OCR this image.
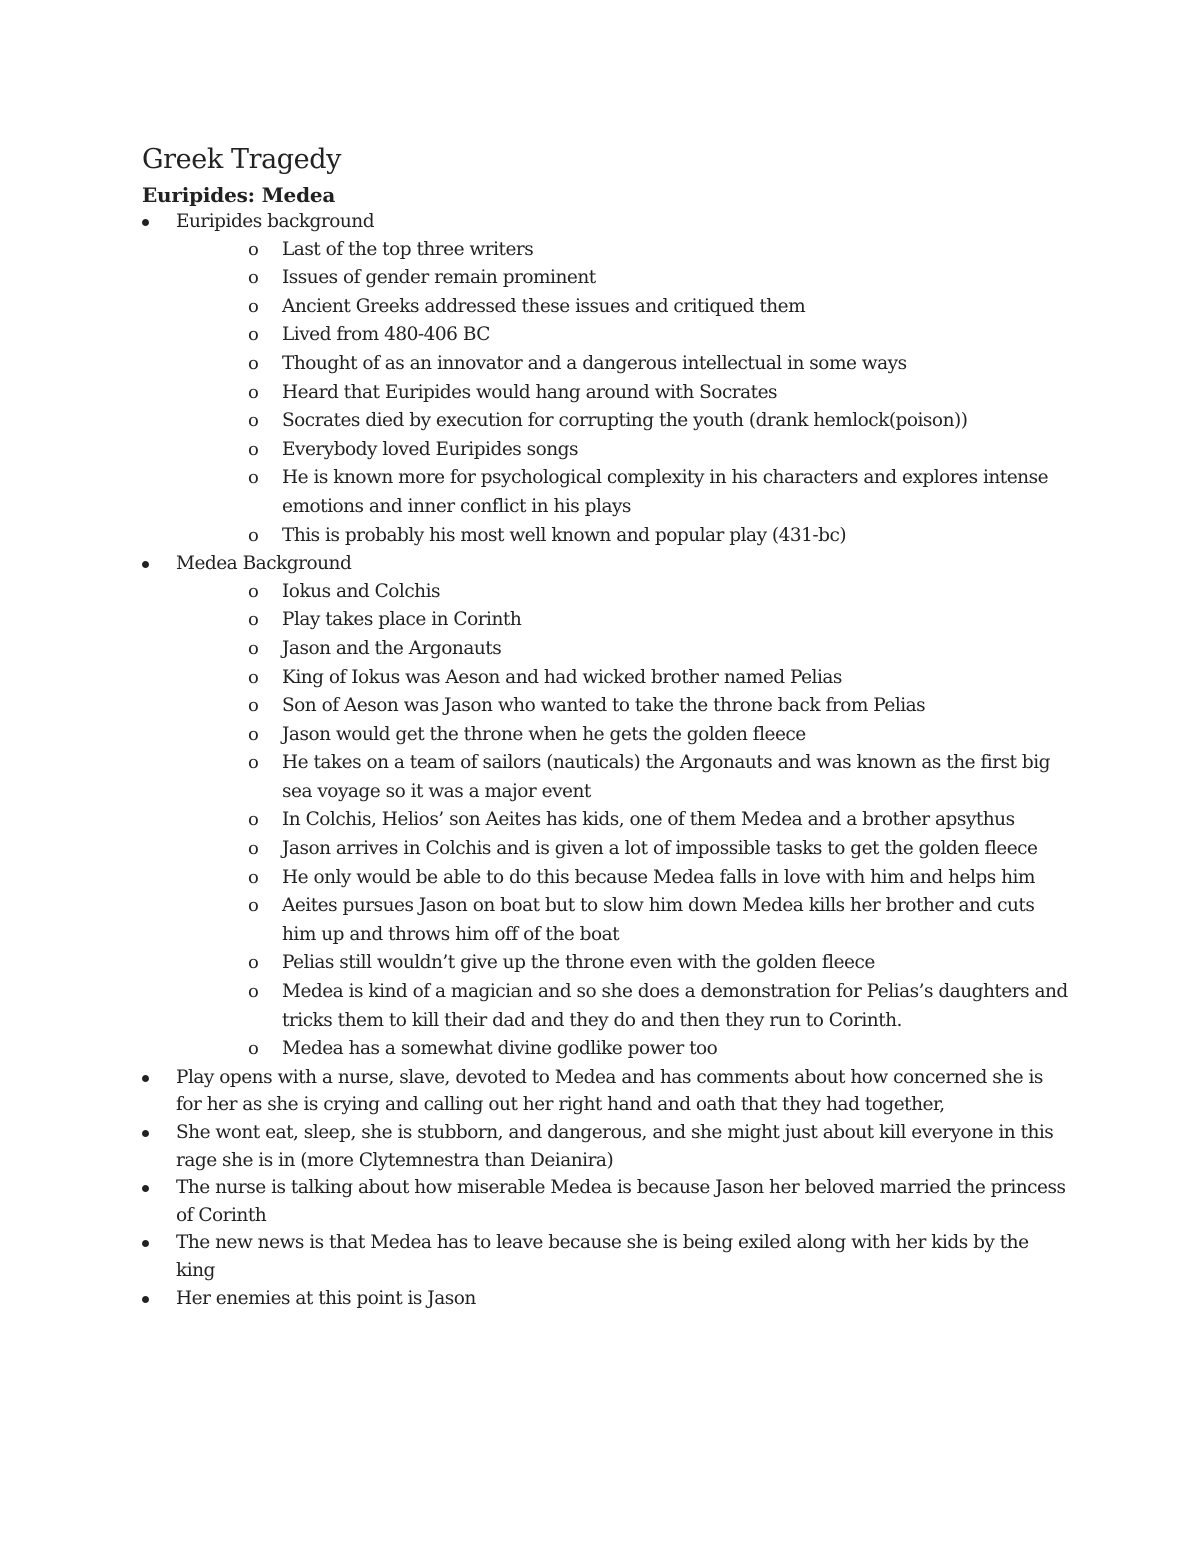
Greek Tragedy
Euripides: Medea
Euripides background
o Last of the top three writers
o Issues of gender remain prominent
o Ancient Greeks addressed these issues and critiqued them
o Lived from 480-406 BC
o Thought of as an innovator and a dangerous intellectual in some ways
o Heard that Euripides would hang around with Socrates
o Socrates died by execution for corrupting the youth (drank hemlock(poison))
o Everybody loved Euripides songs
o He is known more for psychological complexity in his characters and explores intense emotions and inner conflict in his plays
o This is probably his most well known and popular play (431-bc)
Medea Background
o Iokus and Colchis
o Play takes place in Corinth
o Jason and the Argonauts
o King of Iokus was Aeson and had wicked brother named Pelias
o Son of Aeson was Jason who wanted to take the throne back from Pelias
o Jason would get the throne when he gets the golden fleece
o He takes on a team of sailors (nauticals) the Argonauts and was known as the first big sea voyage so it was a major event
o In Colchis, Helios’ son Aeites has kids, one of them Medea and a brother apsythus
o Jason arrives in Colchis and is given a lot of impossible tasks to get the golden fleece
o He only would be able to do this because Medea falls in love with him and helps him
o Aeites pursues Jason on boat but to slow him down Medea kills her brother and cuts him up and throws him off of the boat
o Pelias still wouldn’t give up the throne even with the golden fleece
o Medea is kind of a magician and so she does a demonstration for Pelias’s daughters and tricks them to kill their dad and they do and then they run to Corinth.
o Medea has a somewhat divine godlike power too
Play opens with a nurse, slave, devoted to Medea and has comments about how concerned she is for her as she is crying and calling out her right hand and oath that they had together,
She wont eat, sleep, she is stubborn, and dangerous, and she might just about kill everyone in this rage she is in (more Clytemnestra than Deianira)
The nurse is talking about how miserable Medea is because Jason her beloved married the princess of Corinth
The new news is that Medea has to leave because she is being exiled along with her kids by the king
Her enemies at this point is Jason
